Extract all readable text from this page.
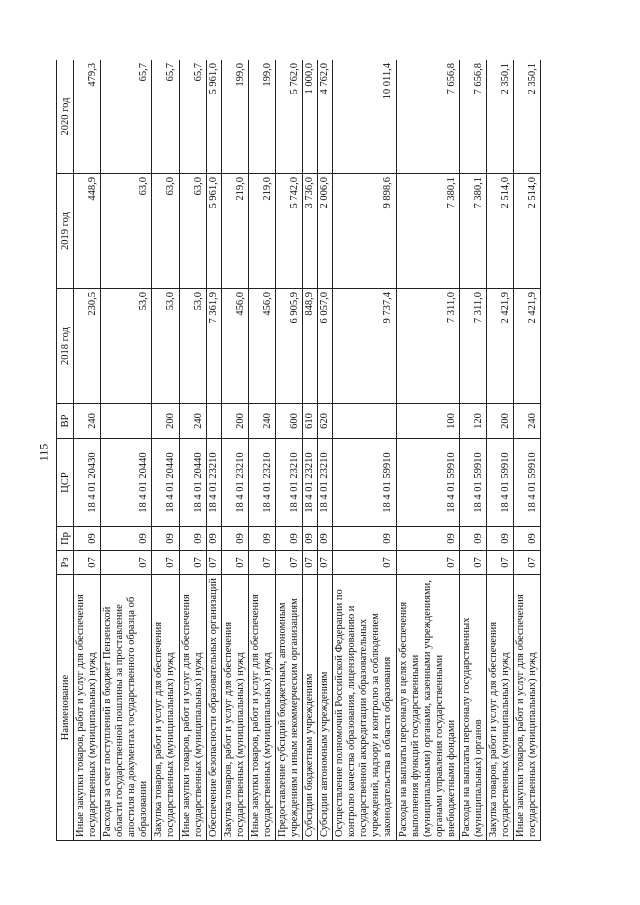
115
Наименование	Рз	Пр	ЦСР	ВР	2018 год	2019 год	2020 год
Иные закупки товаров, работ и услуг для обеспечения государственных (муниципальных) нужд	07	09	18 4 01 20430	240	230,5	448,9	479,3
Расходы за счет поступлений в бюджет Пензенской области государственной пошлины за проставление апостиля на документах государственного образца об образовании	07	09	18 4 01 20440		53,0	63,0	65,7
Закупка товаров, работ и услуг для обеспечения государственных (муниципальных) нужд	07	09	18 4 01 20440	200	53,0	63,0	65,7
Иные закупки товаров, работ и услуг для обеспечения государственных (муниципальных) нужд	07	09	18 4 01 20440	240	53,0	63,0	65,7
Обеспечение безопасности образовательных организаций	07	09	18 4 01 23210		7 361,9	5 961,0	5 961,0
Закупка товаров, работ и услуг для обеспечения государственных (муниципальных) нужд	07	09	18 4 01 23210	200	456,0	219,0	199,0
Иные закупки товаров, работ и услуг для обеспечения государственных (муниципальных) нужд	07	09	18 4 01 23210	240	456,0	219,0	199,0
Предоставление субсидий бюджетным, автономным учреждениям и иным некоммерческим организациям	07	09	18 4 01 23210	600	6 905,9	5 742,0	5 762,0
Субсидии бюджетным учреждениям	07	09	18 4 01 23210	610	848,9	3 736,0	1 000,0
Субсидии автономным учреждениям	07	09	18 4 01 23210	620	6 057,0	2 006,0	4 762,0
Осуществление полномочий Российской Федерации по контролю качества образования, лицензированию и государственной аккредитации образовательных учреждений, надзору и контролю за соблюдением законодательства в области образования	07	09	18 4 01 59910		9 737,4	9 898,6	10 011,4
Расходы на выплаты персоналу в целях обеспечения выполнения функций государственными (муниципальными) органами, казенными учреждениями, органами управления государственными внебюджетными фондами	07	09	18 4 01 59910	100	7 311,0	7 380,1	7 656,8
Расходы на выплаты персоналу государственных (муниципальных) органов	07	09	18 4 01 59910	120	7 311,0	7 380,1	7 656,8
Закупка товаров, работ и услуг для обеспечения государственных (муниципальных) нужд	07	09	18 4 01 59910	200	2 421,9	2 514,0	2 350,1
Иные закупки товаров, работ и услуг для обеспечения государственных (муниципальных) нужд	07	09	18 4 01 59910	240	2 421,9	2 514,0	2 350,1
